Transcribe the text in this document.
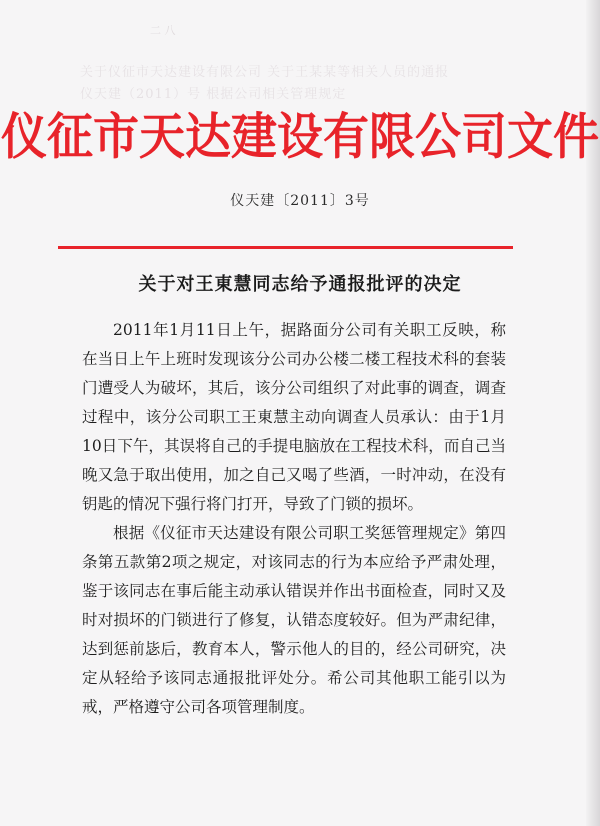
二 八
关于仪征市天达建设有限公司 关于王某某等相关人员的通报
仪天建（2011）号 根据公司相关管理规定
仪征市天达建设有限公司文件
仪天建〔2011〕3号
关于对王東慧同志给予通报批评的决定

2011年1月11日上午，据路面分公司有关职工反映，称在当日上午上班时发现该分公司办公楼二楼工程技术科的套装门遭受人为破坏，其后，该分公司组织了对此事的调查，调查过程中，该分公司职工王東慧主动向调查人员承认：由于1月10日下午，其误将自己的手提电脑放在工程技术科，而自己当晚又急于取出使用，加之自己又喝了些酒，一时冲动，在没有钥匙的情况下强行将门打开，导致了门锁的损坏。

根据《仪征市天达建设有限公司职工奖惩管理规定》第四条第五款第2项之规定，对该同志的行为本应给予严肃处理，鉴于该同志在事后能主动承认错误并作出书面检查，同时又及时对损坏的门锁进行了修复，认错态度较好。但为严肃纪律，达到惩前毖后，教育本人，警示他人的目的，经公司研究，决定从轻给予该同志通报批评处分。希公司其他职工能引以为戒，严格遵守公司各项管理制度。
